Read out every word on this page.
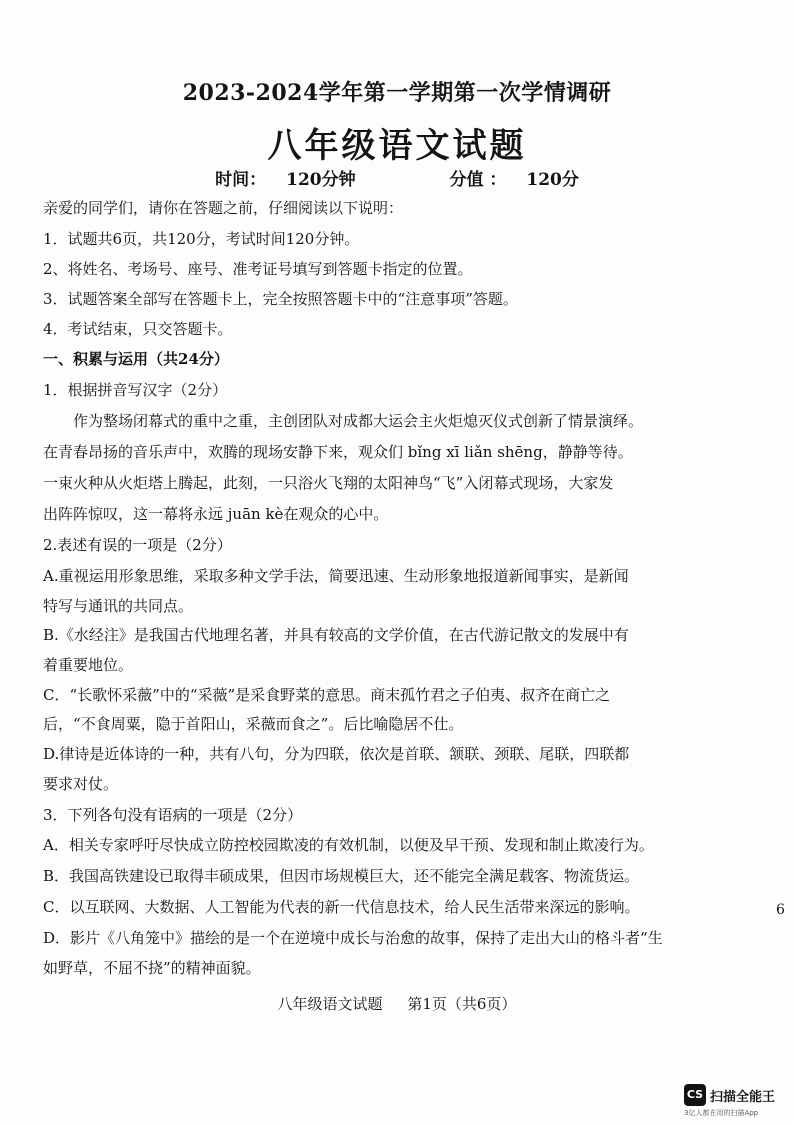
2023-2024学年第一学期第一次学情调研
八年级语文试题
时间： 120分钟	分值 ： 120分
亲爱的同学们，请你在答题之前，仔细阅读以下说明：
1．试题共6页，共120分，考试时间120分钟。
2、将姓名、考场号、座号、准考证号填写到答题卡指定的位置。
3．试题答案全部写在答题卡上，完全按照答题卡中的“注意事项”答题。
4．考试结束，只交答题卡。
一、积累与运用（共24分）
1．根据拼音写汉字（2分）
作为整场闭幕式的重中之重，主创团队对成都大运会主火炬熄灭仪式创新了情景演绎。
在青春昂扬的音乐声中，欢腾的现场安静下来，观众们 bǐng xī liǎn shēng，静静等待。
一束火种从火炬塔上腾起，此刻，一只浴火飞翔的太阳神鸟“飞”入闭幕式现场，大家发
出阵阵惊叹，这一幕将永远 juān kè在观众的心中。
2.表述有误的一项是（2分）
A.重视运用形象思维，采取多种文学手法，简要迅速、生动形象地报道新闻事实，是新闻
特写与通讯的共同点。
B.《水经注》是我国古代地理名著，并具有较高的文学价值，在古代游记散文的发展中有
着重要地位。
C．“长歌怀采薇”中的“采薇”是采食野菜的意思。商末孤竹君之子伯夷、叔齐在商亡之
后，“不食周粟，隐于首阳山，采薇而食之”。后比喻隐居不仕。
D.律诗是近体诗的一种，共有八句，分为四联，依次是首联、颔联、颈联、尾联，四联都
要求对仗。
3．下列各句没有语病的一项是（2分）
A．相关专家呼吁尽快成立防控校园欺凌的有效机制，以便及早干预、发现和制止欺凌行为。
B．我国高铁建设已取得丰硕成果，但因市场规模巨大，还不能完全满足载客、物流货运。
C．以互联网、大数据、人工智能为代表的新一代信息技术，给人民生活带来深远的影响。
D．影片《八角笼中》描绘的是一个在逆境中成长与治愈的故事，保持了走出大山的格斗者“生
如野草，不屈不挠”的精神面貌。
八年级语文试题 第1页（共6页）
6
CS 扫描全能王
3亿人都在用的扫描App
